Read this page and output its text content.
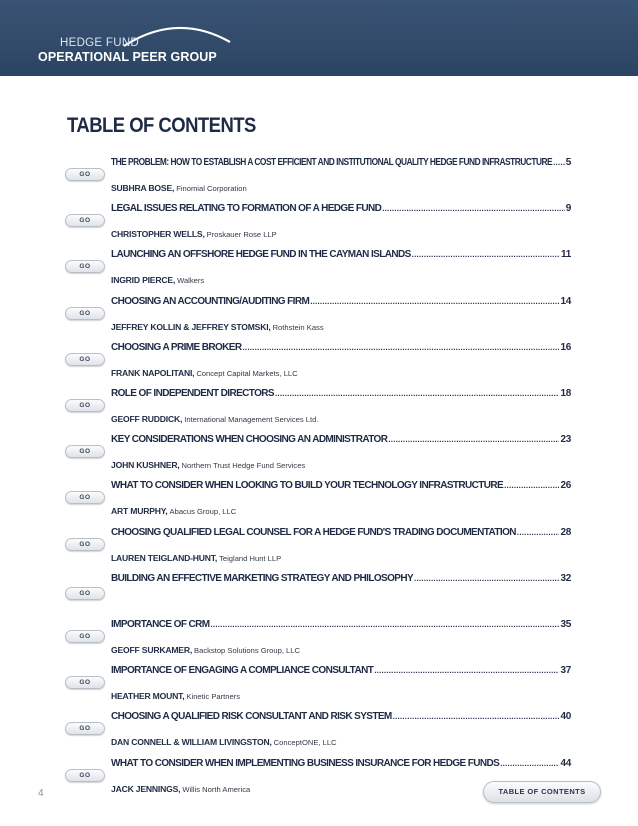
HEDGE FUND
OPERATIONAL PEER GROUP
TABLE OF CONTENTS
GO
THE PROBLEM: HOW TO ESTABLISH A COST EFFICIENT AND INSTITUTIONAL QUALITY HEDGE FUND INFRASTRUCTURE ..... 5
SUBHRA BOSE, Finomial Corporation
GO
LEGAL ISSUES RELATING TO FORMATION OF A HEDGE FUND .....	9
CHRISTOPHER WELLS, Proskauer Rose LLP
GO
LAUNCHING AN OFFSHORE HEDGE FUND IN THE CAYMAN ISLANDS .....	11
INGRID PIERCE, Walkers
GO
CHOOSING AN ACCOUNTING/AUDITING FIRM .....	14
JEFFREY KOLLIN & JEFFREY STOMSKI, Rothstein Kass
GO
CHOOSING A PRIME BROKER .....	16
FRANK NAPOLITANI, Concept Capital Markets, LLC
GO
ROLE OF INDEPENDENT DIRECTORS .....	18
GEOFF RUDDICK, International Management Services Ltd.
GO
KEY CONSIDERATIONS WHEN CHOOSING AN ADMINISTRATOR .....	23
JOHN KUSHNER, Northern Trust Hedge Fund Services
GO
WHAT TO CONSIDER WHEN LOOKING TO BUILD YOUR TECHNOLOGY INFRASTRUCTURE .....	26
ART MURPHY, Abacus Group, LLC
GO
CHOOSING QUALIFIED LEGAL COUNSEL FOR A HEDGE FUND'S TRADING DOCUMENTATION .....	28
LAUREN TEIGLAND-HUNT, Teigland Hunt LLP
GO
BUILDING AN EFFECTIVE MARKETING STRATEGY AND PHILOSOPHY .....	32
GO
IMPORTANCE OF CRM .....	35
GEOFF SURKAMER, Backstop Solutions Group, LLC
GO
IMPORTANCE OF ENGAGING A COMPLIANCE CONSULTANT .....	37
HEATHER MOUNT, Kinetic Partners
GO
CHOOSING A QUALIFIED RISK CONSULTANT AND RISK SYSTEM .....	40
DAN CONNELL & WILLIAM LIVINGSTON, ConceptONE, LLC
GO
WHAT TO CONSIDER WHEN IMPLEMENTING BUSINESS INSURANCE FOR HEDGE FUNDS .....	44
JACK JENNINGS, Willis North America
4	TABLE OF CONTENTS
